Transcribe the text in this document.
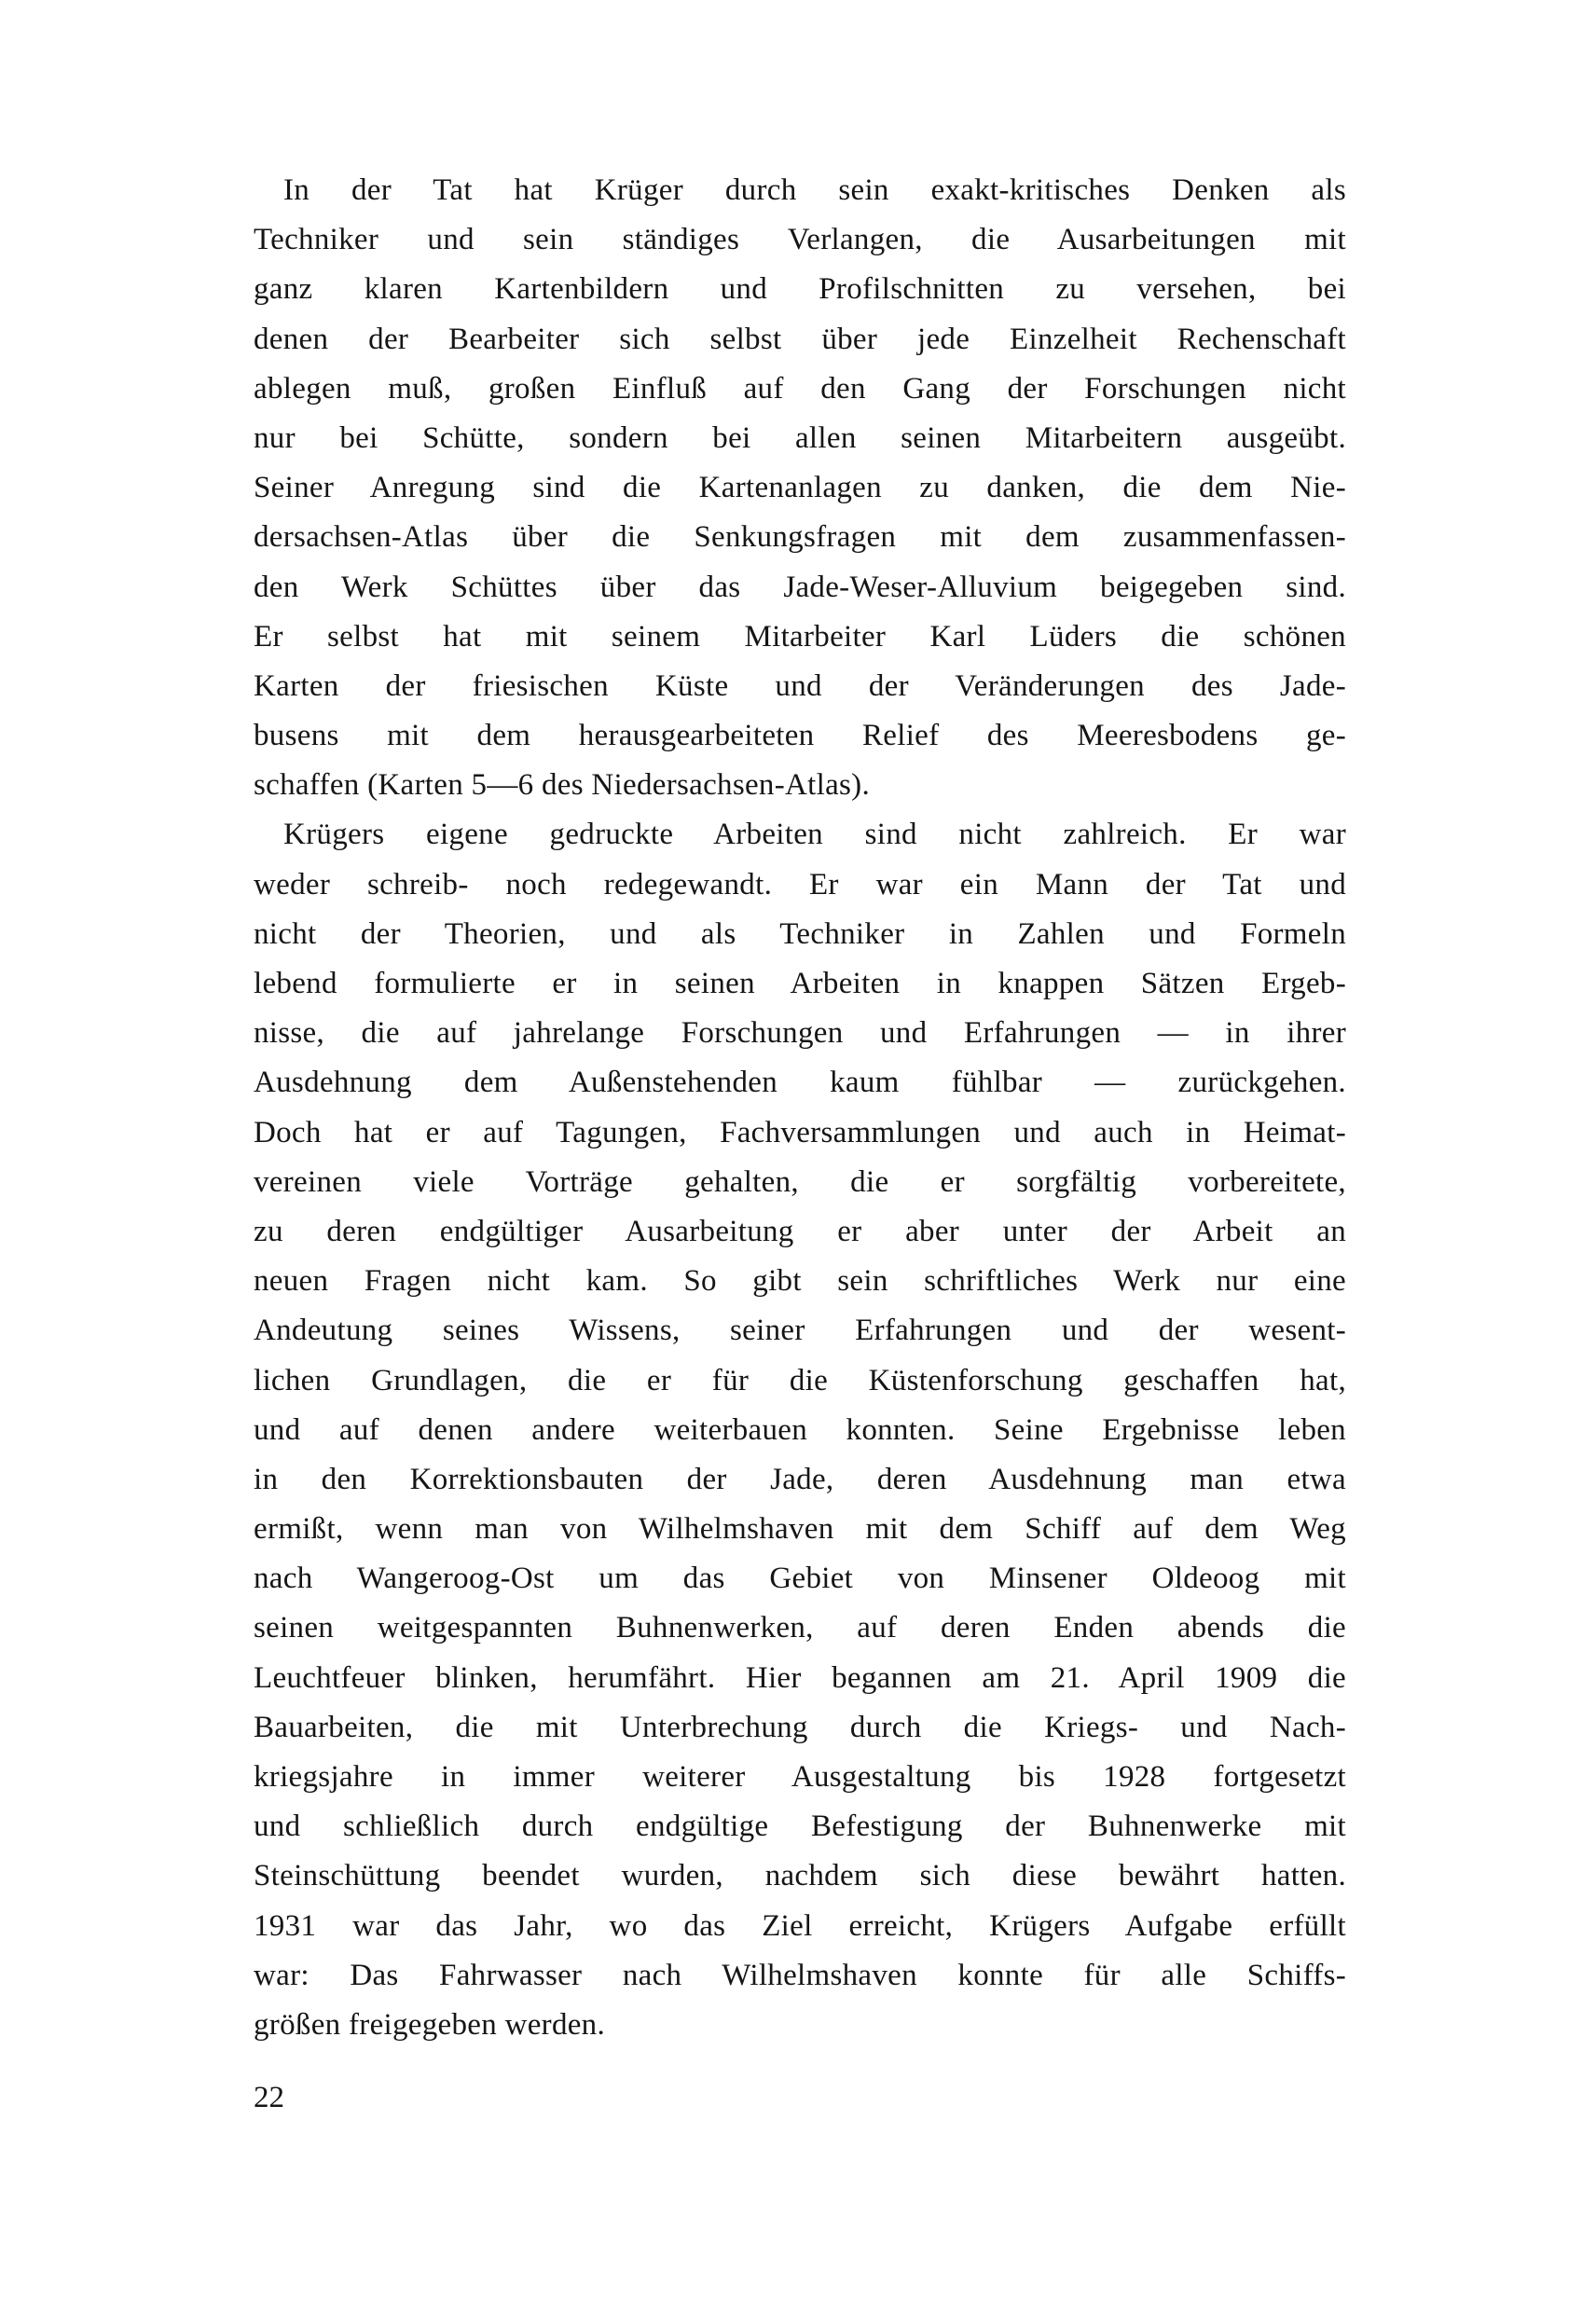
In der Tat hat Krüger durch sein exakt-kritisches Denken als
Techniker und sein ständiges Verlangen, die Ausarbeitungen mit
ganz klaren Kartenbildern und Profilschnitten zu versehen, bei
denen der Bearbeiter sich selbst über jede Einzelheit Rechenschaft
ablegen muß, großen Einfluß auf den Gang der Forschungen nicht
nur bei Schütte, sondern bei allen seinen Mitarbeitern ausgeübt.
Seiner Anregung sind die Kartenanlagen zu danken, die dem Nie-
dersachsen-Atlas über die Senkungsfragen mit dem zusammenfassen-
den Werk Schüttes über das Jade-Weser-Alluvium beigegeben sind.
Er selbst hat mit seinem Mitarbeiter Karl Lüders die schönen
Karten der friesischen Küste und der Veränderungen des Jade-
busens mit dem herausgearbeiteten Relief des Meeresbodens ge-
schaffen (Karten 5—6 des Niedersachsen-Atlas).
Krügers eigene gedruckte Arbeiten sind nicht zahlreich. Er war
weder schreib- noch redegewandt. Er war ein Mann der Tat und
nicht der Theorien, und als Techniker in Zahlen und Formeln
lebend formulierte er in seinen Arbeiten in knappen Sätzen Ergeb-
nisse, die auf jahrelange Forschungen und Erfahrungen — in ihrer
Ausdehnung dem Außenstehenden kaum fühlbar — zurückgehen.
Doch hat er auf Tagungen, Fachversammlungen und auch in Heimat-
vereinen viele Vorträge gehalten, die er sorgfältig vorbereitete,
zu deren endgültiger Ausarbeitung er aber unter der Arbeit an
neuen Fragen nicht kam. So gibt sein schriftliches Werk nur eine
Andeutung seines Wissens, seiner Erfahrungen und der wesent-
lichen Grundlagen, die er für die Küstenforschung geschaffen hat,
und auf denen andere weiterbauen konnten. Seine Ergebnisse leben
in den Korrektionsbauten der Jade, deren Ausdehnung man etwa
ermißt, wenn man von Wilhelmshaven mit dem Schiff auf dem Weg
nach Wangeroog-Ost um das Gebiet von Minsener Oldeoog mit
seinen weitgespannten Buhnenwerken, auf deren Enden abends die
Leuchtfeuer blinken, herumfährt. Hier begannen am 21. April 1909 die
Bauarbeiten, die mit Unterbrechung durch die Kriegs- und Nach-
kriegsjahre in immer weiterer Ausgestaltung bis 1928 fortgesetzt
und schließlich durch endgültige Befestigung der Buhnenwerke mit
Steinschüttung beendet wurden, nachdem sich diese bewährt hatten.
1931 war das Jahr, wo das Ziel erreicht, Krügers Aufgabe erfüllt
war: Das Fahrwasser nach Wilhelmshaven konnte für alle Schiffs-
größen freigegeben werden.
22
